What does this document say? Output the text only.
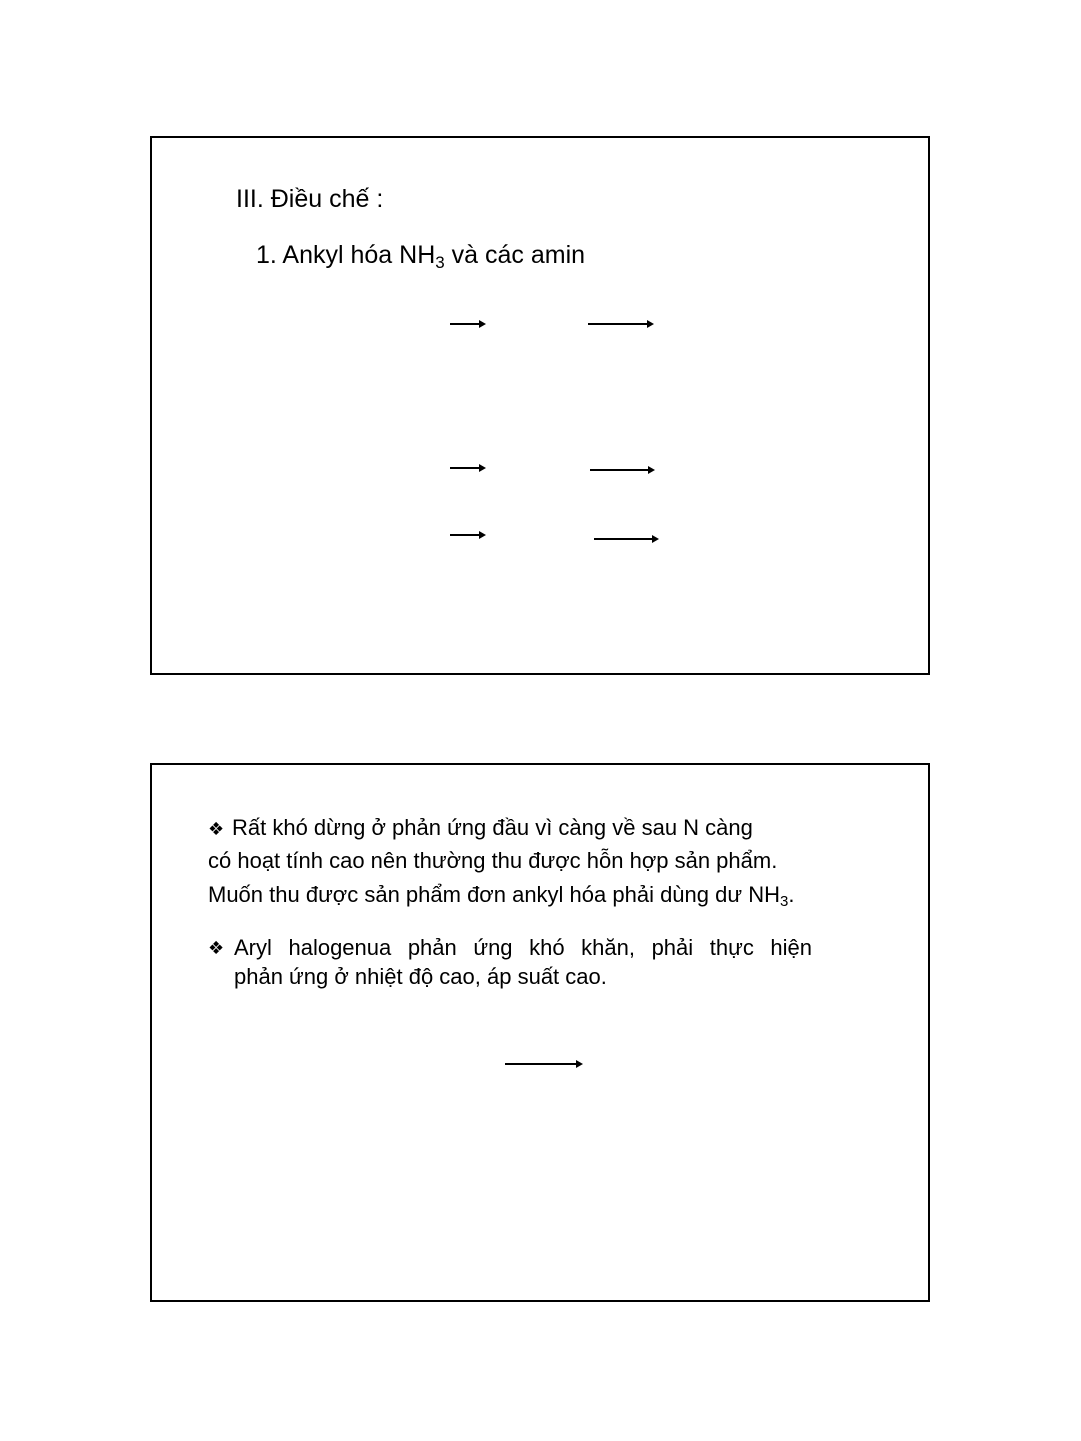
III. Điều chế :
1. Ankyl hóa $NH_3$ và các amin
❖ Rất khó dừng ở phản ứng đầu vì càng về sau N càng
có hoạt tính cao nên thường thu được hỗn hợp sản phẩm.
Muốn thu được sản phẩm đơn ankyl hóa phải dùng dư $NH_3$.
❖ Aryl halogenua phản ứng khó khăn, phải thực hiện
phản ứng ở nhiệt độ cao, áp suất cao.
